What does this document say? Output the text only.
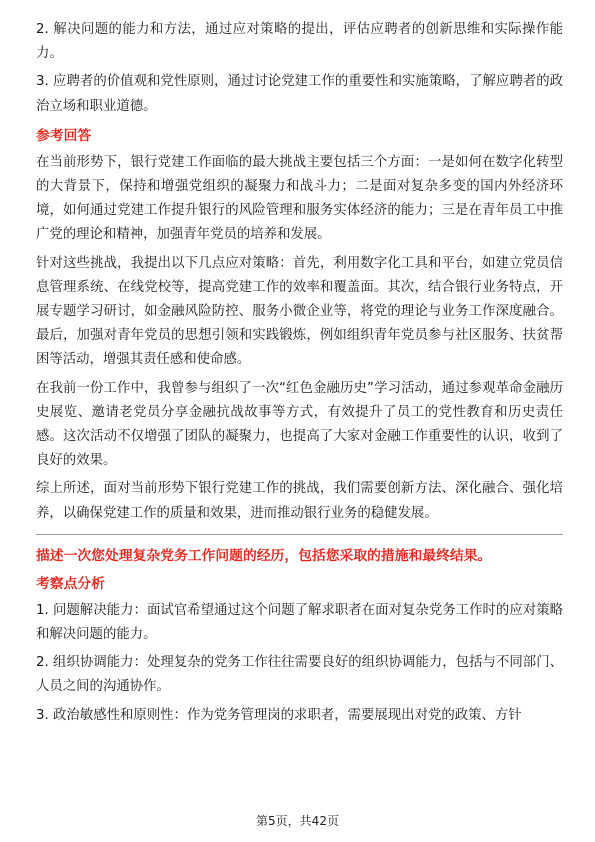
2. 解决问题的能力和方法，通过应对策略的提出，评估应聘者的创新思维和实际操作能力。

3. 应聘者的价值观和党性原则，通过讨论党建工作的重要性和实施策略，了解应聘者的政治立场和职业道德。

参考回答

在当前形势下，银行党建工作面临的最大挑战主要包括三个方面：一是如何在数字化转型的大背景下，保持和增强党组织的凝聚力和战斗力；二是面对复杂多变的国内外经济环境，如何通过党建工作提升银行的风险管理和服务实体经济的能力；三是在青年员工中推广党的理论和精神，加强青年党员的培养和发展。

针对这些挑战，我提出以下几点应对策略：首先，利用数字化工具和平台，如建立党员信息管理系统、在线党校等，提高党建工作的效率和覆盖面。其次，结合银行业务特点，开展专题学习研讨，如金融风险防控、服务小微企业等，将党的理论与业务工作深度融合。最后，加强对青年党员的思想引领和实践锻炼，例如组织青年党员参与社区服务、扶贫帮困等活动，增强其责任感和使命感。

在我前一份工作中，我曾参与组织了一次“红色金融历史”学习活动，通过参观革命金融历史展览、邀请老党员分享金融抗战故事等方式，有效提升了员工的党性教育和历史责任感。这次活动不仅增强了团队的凝聚力，也提高了大家对金融工作重要性的认识，收到了良好的效果。

综上所述，面对当前形势下银行党建工作的挑战，我们需要创新方法、深化融合、强化培养，以确保党建工作的质量和效果，进而推动银行业务的稳健发展。

描述一次您处理复杂党务工作问题的经历，包括您采取的措施和最终结果。
考察点分析

1. 问题解决能力：面试官希望通过这个问题了解求职者在面对复杂党务工作时的应对策略和解决问题的能力。

2. 组织协调能力：处理复杂的党务工作往往需要良好的组织协调能力，包括与不同部门、人员之间的沟通协作。

3. 政治敏感性和原则性：作为党务管理岗的求职者，需要展现出对党的政策、方针

第5页，共42页
